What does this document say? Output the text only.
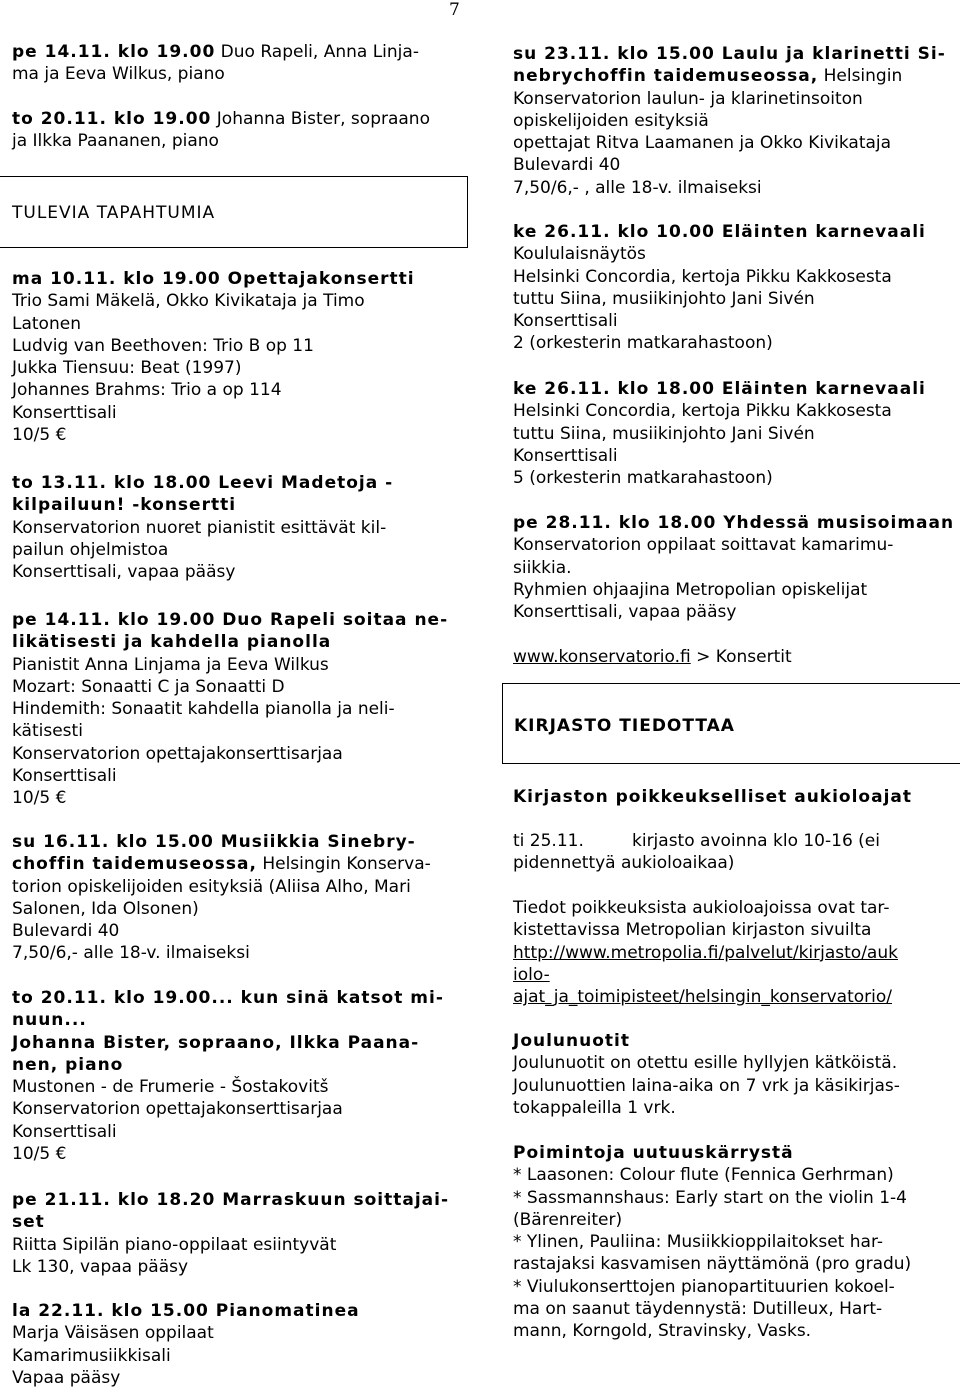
7
pe 14.11. klo 19.00 Duo Rapeli, Anna Linja-
ma ja Eeva Wilkus, piano
to 20.11. klo 19.00 Johanna Bister, sopraano
ja Ilkka Paananen, piano
TULEVIA TAPAHTUMIA
ma 10.11. klo 19.00 Opettajakonsertti
Trio Sami Mäkelä, Okko Kivikataja ja Timo
Latonen
Ludvig van Beethoven: Trio B op 11
Jukka Tiensuu: Beat (1997)
Johannes Brahms: Trio a op 114
Konserttisali
10/5 €
to 13.11. klo 18.00 Leevi Madetoja -
kilpailuun! -konsertti
Konservatorion nuoret pianistit esittävät kil-
pailun ohjelmistoa
Konserttisali, vapaa pääsy
pe 14.11. klo 19.00 Duo Rapeli soitaa ne-
likätisesti ja kahdella pianolla
Pianistit Anna Linjama ja Eeva Wilkus
Mozart: Sonaatti C ja Sonaatti D
Hindemith: Sonaatit kahdella pianolla ja neli-
kätisesti
Konservatorion opettajakonserttisarjaa
Konserttisali
10/5 €
su 16.11. klo 15.00 Musiikkia Sinebry-
choffin taidemuseossa, Helsingin Konserva-
torion opiskelijoiden esityksiä (Aliisa Alho, Mari
Salonen, Ida Olsonen)
Bulevardi 40
7,50/6,- alle 18-v. ilmaiseksi
to 20.11. klo 19.00... kun sinä katsot mi-
nuun...
Johanna Bister, sopraano, Ilkka Paana-
nen, piano
Mustonen - de Frumerie - Šostakovitš
Konservatorion opettajakonserttisarjaa
Konserttisali
10/5 €
pe 21.11. klo 18.20 Marraskuun soittajai-
set
Riitta Sipilän piano-oppilaat esiintyvät
Lk 130, vapaa pääsy
la 22.11. klo 15.00 Pianomatinea
Marja Väisäsen oppilaat
Kamarimusiikkisali
Vapaa pääsy
su 23.11. klo 15.00 Laulu ja klarinetti Si-
nebrychoffin taidemuseossa, Helsingin
Konservatorion laulun- ja klarinetinsoiton
opiskelijoiden esityksiä
opettajat Ritva Laamanen ja Okko Kivikataja
Bulevardi 40
7,50/6,- , alle 18-v. ilmaiseksi
ke 26.11. klo 10.00 Eläinten karnevaali
Koululaisnäytös
Helsinki Concordia, kertoja Pikku Kakkosesta
tuttu Siina, musiikinjohto Jani Sivén
Konserttisali
2 (orkesterin matkarahastoon)
ke 26.11. klo 18.00 Eläinten karnevaali
Helsinki Concordia, kertoja Pikku Kakkosesta
tuttu Siina, musiikinjohto Jani Sivén
Konserttisali
5 (orkesterin matkarahastoon)
pe 28.11. klo 18.00 Yhdessä musisoimaan
Konservatorion oppilaat soittavat kamarimu-
siikkia.
Ryhmien ohjaajina Metropolian opiskelijat
Konserttisali, vapaa pääsy
www.konservatorio.fi > Konsertit
KIRJASTO TIEDOTTAA
Kirjaston poikkeukselliset aukioloajat
ti 25.11.	kirjasto avoinna klo 10-16 (ei
pidennettyä aukioloaikaa)
Tiedot poikkeuksista aukioloajoissa ovat tar-
kistettavissa Metropolian kirjaston sivuilta
http://www.metropolia.fi/palvelut/kirjasto/auk
iolo-
ajat_ja_toimipisteet/helsingin_konservatorio/
Joulunuotit
Joulunuotit on otettu esille hyllyjen kätköistä.
Joulunuottien laina-aika on 7 vrk ja käsikirjas-
tokappaleilla 1 vrk.
Poimintoja uutuuskärrystä
* Laasonen: Colour flute (Fennica Gerhrman)
* Sassmannshaus: Early start on the violin 1-4
(Bärenreiter)
* Ylinen, Pauliina: Musiikkioppilaitokset har-
rastajaksi kasvamisen näyttämönä (pro gradu)
* Viulukonserttojen pianopartituurien kokoel-
ma on saanut täydennystä: Dutilleux, Hart-
mann, Korngold, Stravinsky, Vasks.
